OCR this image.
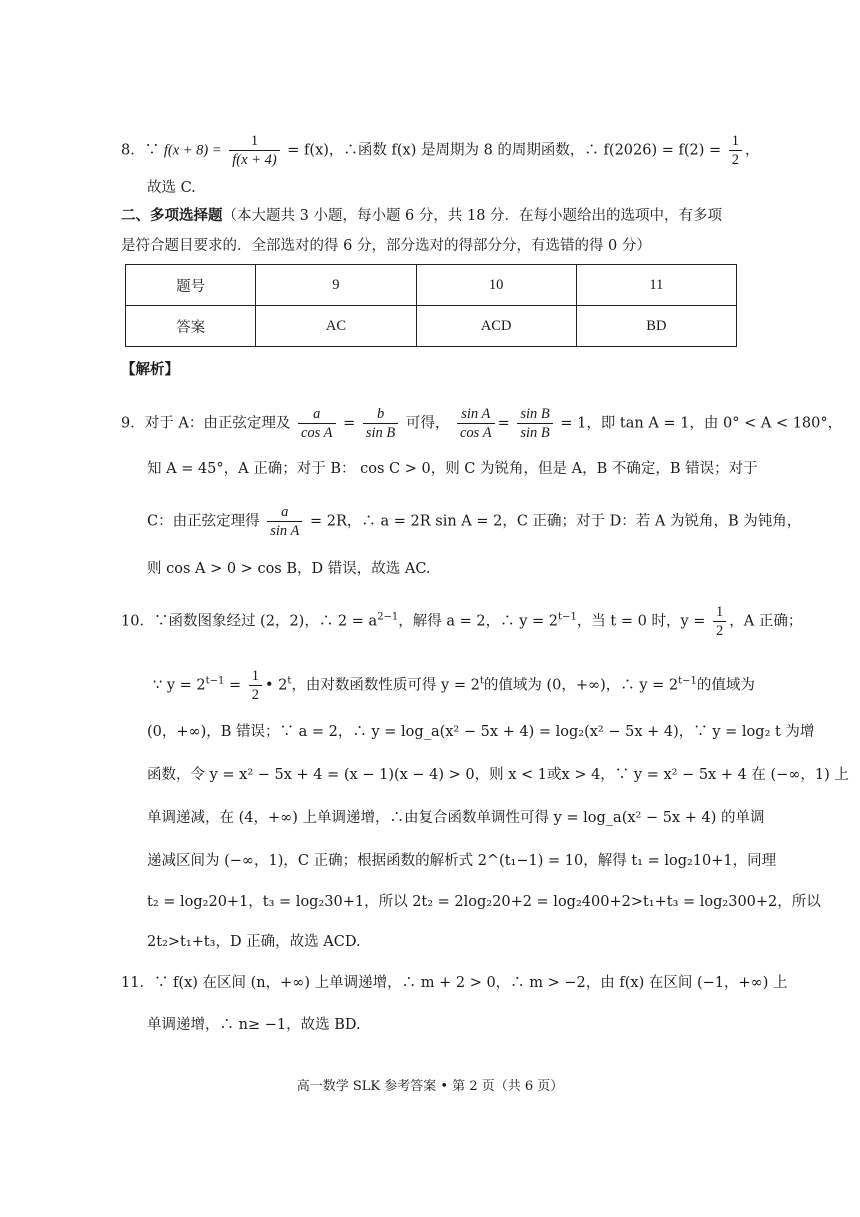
8．∵ $f(x + 8) = \frac{1}{f(x + 4)} = f(x)$，∴函数 f(x) 是周期为 8 的周期函数，∴ $f(2026) = f(2) = \frac{1}{2}$ ，
故选 C.
二、多项选择题（本大题共 3 小题，每小题 6 分，共 18 分．在每小题给出的选项中，有多项
是符合题目要求的．全部选对的得 6 分，部分选对的得部分分，有选错的得 0 分）
题号	9	10	11
答案	AC	ACD	BD
【解析】
9．对于 A：由正弦定理及 $\frac{a}{\text{cos A}} = \frac{b}{\text{sin B}}$ 可得， $\frac{\text{sin A}}{\text{cos A}} = \frac{\text{sin B}}{\text{sin B}} = 1$，即 tan A = 1，由 0° < A < 180°，
知 A = 45°，A 正确；对于 B： cos C > 0，则 C 为锐角，但是 A，B 不确定，B 错误；对于
C：由正弦定理得 $\frac{a}{\text{sin A}} = 2R$，∴ a = 2R sin A = 2，C 正确；对于 D：若 A 为锐角，B 为钝角，
则 cos A > 0 > cos B，D 错误，故选 AC.
10．∵函数图象经过 (2，2)，∴ $2 = a^{2-1}$，解得 a = 2，∴ $y = 2^{t-1}$，当 t = 0 时，$y = \frac{1}{2}$ ，A 正确；
∵ $y = 2^{t-1} = \frac{1}{2}$ • 2$^t$，由对数函数性质可得 $y = 2^t$的值域为 (0，+∞)，∴ $y = 2^{t-1}$的值域为
(0，+∞)，B 错误；∵ a = 2，∴ y = log_a(x² − 5x + 4) = log₂(x² − 5x + 4)，∵ y = log₂ t 为增
函数，令 y = x² − 5x + 4 = (x − 1)(x − 4) > 0，则 x < 1或x > 4，∵ y = x² − 5x + 4 在 (−∞，1) 上
单调递减，在 (4，+∞) 上单调递增，∴由复合函数单调性可得 y = log_a(x² − 5x + 4) 的单调
递减区间为 (−∞，1)，C 正确；根据函数的解析式 2^(t₁−1) = 10，解得 t₁ = log₂10+1，同理
t₂ = log₂20+1，t₃ = log₂30+1，所以 2t₂ = 2log₂20+2 = log₂400+2>t₁+t₃ = log₂300+2，所以
2t₂>t₁+t₃，D 正确，故选 ACD.
11．∵ f(x) 在区间 (n，+∞) 上单调递增，∴ m + 2 > 0，∴ m > −2，由 f(x) 在区间 (−1，+∞) 上
单调递增，∴ n≥ −1，故选 BD.
高一数学 SLK 参考答案 • 第 2 页（共 6 页）
